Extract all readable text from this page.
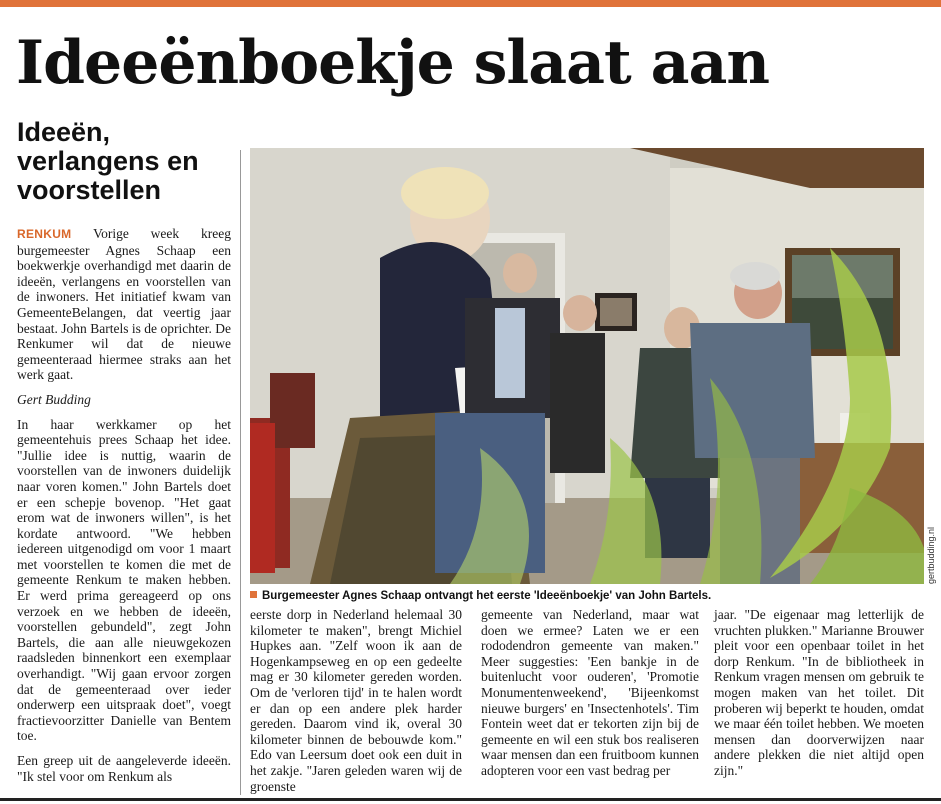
Ideeënboekje slaat aan
Ideeën, verlangens en voorstellen

RENKUM Vorige week kreeg burgemeester Agnes Schaap een boekwerkje overhandigd met daarin de ideeën, verlangens en voorstellen van de inwoners. Het initiatief kwam van GemeenteBelangen, dat veertig jaar bestaat. John Bartels is de oprichter. De Renkumer wil dat de nieuwe gemeenteraad hiermee straks aan het werk gaat.

Gert Budding

In haar werkkamer op het gemeentehuis prees Schaap het idee. "Jullie idee is nuttig, waarin de voorstellen van de inwoners duidelijk naar voren komen." John Bartels doet er een schepje bovenop. "Het gaat erom wat de inwoners willen", is het kordate antwoord. "We hebben iedereen uitgenodigd om voor 1 maart met voorstellen te komen die met de gemeente Renkum te maken hebben. Er werd prima gereageerd op ons verzoek en we hebben de ideeën, voorstellen gebundeld", zegt John Bartels, die aan alle nieuwgekozen raadsleden binnenkort een exemplaar overhandigt. "Wij gaan ervoor zorgen dat de gemeenteraad over ieder onderwerp een uitspraak doet", voegt fractievoorzitter Danielle van Bentem toe.

Een greep uit de aangeleverde ideeën. "Ik stel voor om Renkum als

gertbudding.nl
Burgemeester Agnes Schaap ontvangt het eerste 'Ideeënboekje' van John Bartels.

eerste dorp in Nederland helemaal 30 kilometer te maken", brengt Michiel Hupkes aan. "Zelf woon ik aan de Hogenkampseweg en op een gedeelte mag er 30 kilometer gereden worden. Om de 'verloren tijd' in te halen wordt er dan op een andere plek harder gereden. Daarom vind ik, overal 30 kilometer binnen de bebouwde kom." Edo van Leersum doet ook een duit in het zakje. "Jaren geleden waren wij de groenste

gemeente van Nederland, maar wat doen we ermee? Laten we er een rododendron gemeente van maken." Meer suggesties: 'Een bankje in de buitenlucht voor ouderen', 'Promotie Monumentenweekend', 'Bijeenkomst nieuwe burgers' en 'Insectenhotels'. Tim Fontein weet dat er tekorten zijn bij de gemeente en wil een stuk bos realiseren waar mensen dan een fruitboom kunnen adopteren voor een vast bedrag per

jaar. "De eigenaar mag letterlijk de vruchten plukken." Marianne Brouwer pleit voor een openbaar toilet in het dorp Renkum. "In de bibliotheek in Renkum vragen mensen om gebruik te mogen maken van het toilet. Dit proberen wij beperkt te houden, omdat we maar één toilet hebben. We moeten mensen dan doorverwijzen naar andere plekken die niet altijd open zijn."
